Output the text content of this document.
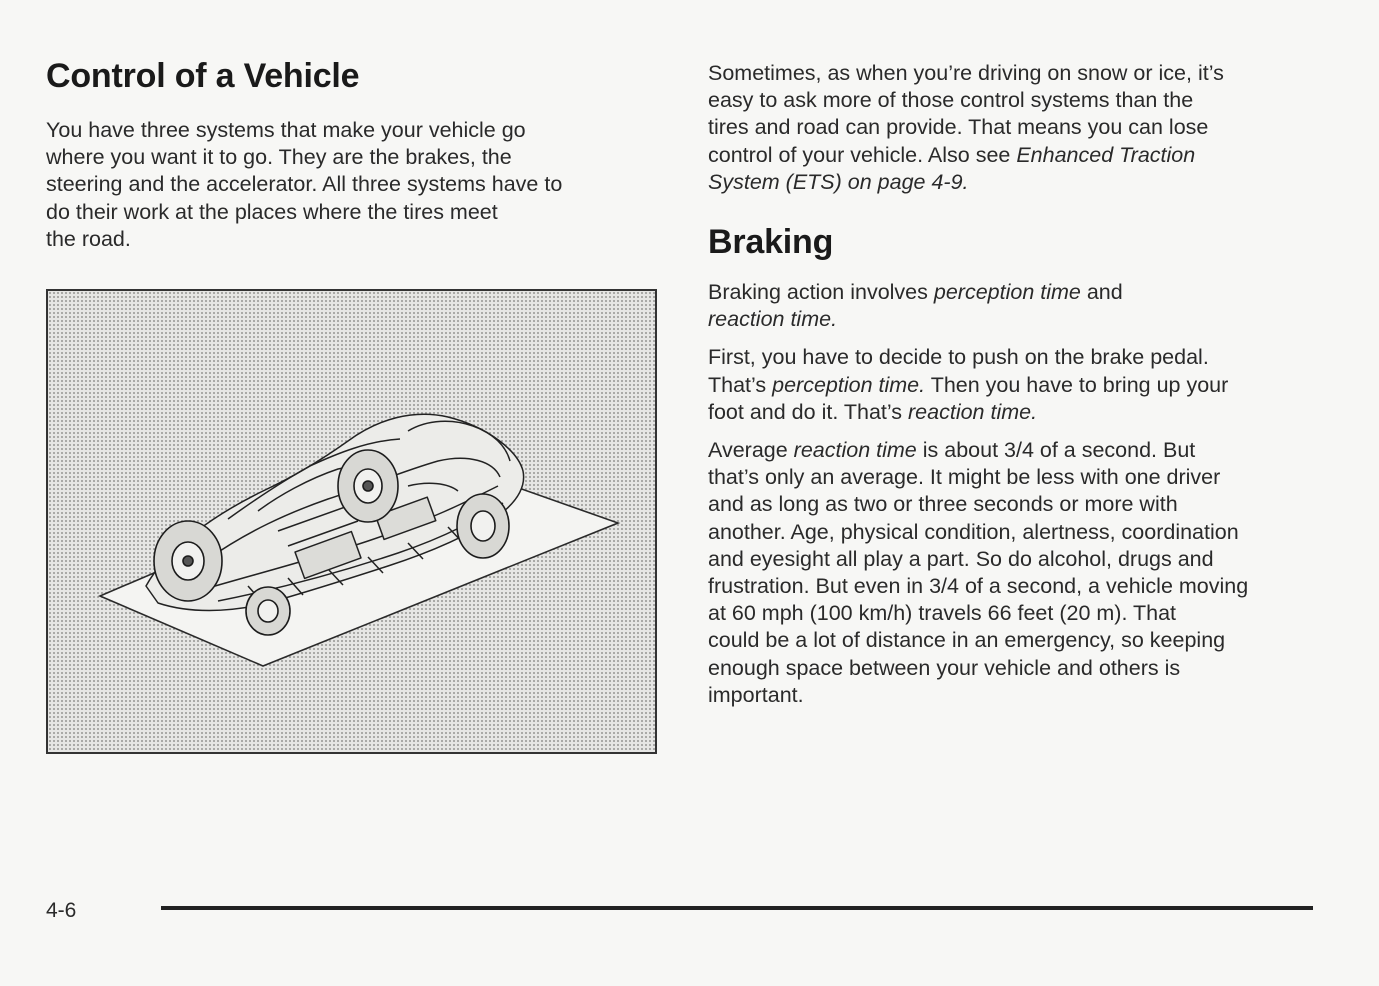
Control of a Vehicle

You have three systems that make your vehicle go
where you want it to go. They are the brakes, the
steering and the accelerator. All three systems have to
do their work at the places where the tires meet
the road.

Sometimes, as when you’re driving on snow or ice, it’s
easy to ask more of those control systems than the
tires and road can provide. That means you can lose
control of your vehicle. Also see Enhanced Traction
System (ETS) on page 4-9.

Braking

Braking action involves perception time and
reaction time.

First, you have to decide to push on the brake pedal.
That’s perception time. Then you have to bring up your
foot and do it. That’s reaction time.

Average reaction time is about 3/4 of a second. But
that’s only an average. It might be less with one driver
and as long as two or three seconds or more with
another. Age, physical condition, alertness, coordination
and eyesight all play a part. So do alcohol, drugs and
frustration. But even in 3/4 of a second, a vehicle moving
at 60 mph (100 km/h) travels 66 feet (20 m). That
could be a lot of distance in an emergency, so keeping
enough space between your vehicle and others is
important.

4-6
